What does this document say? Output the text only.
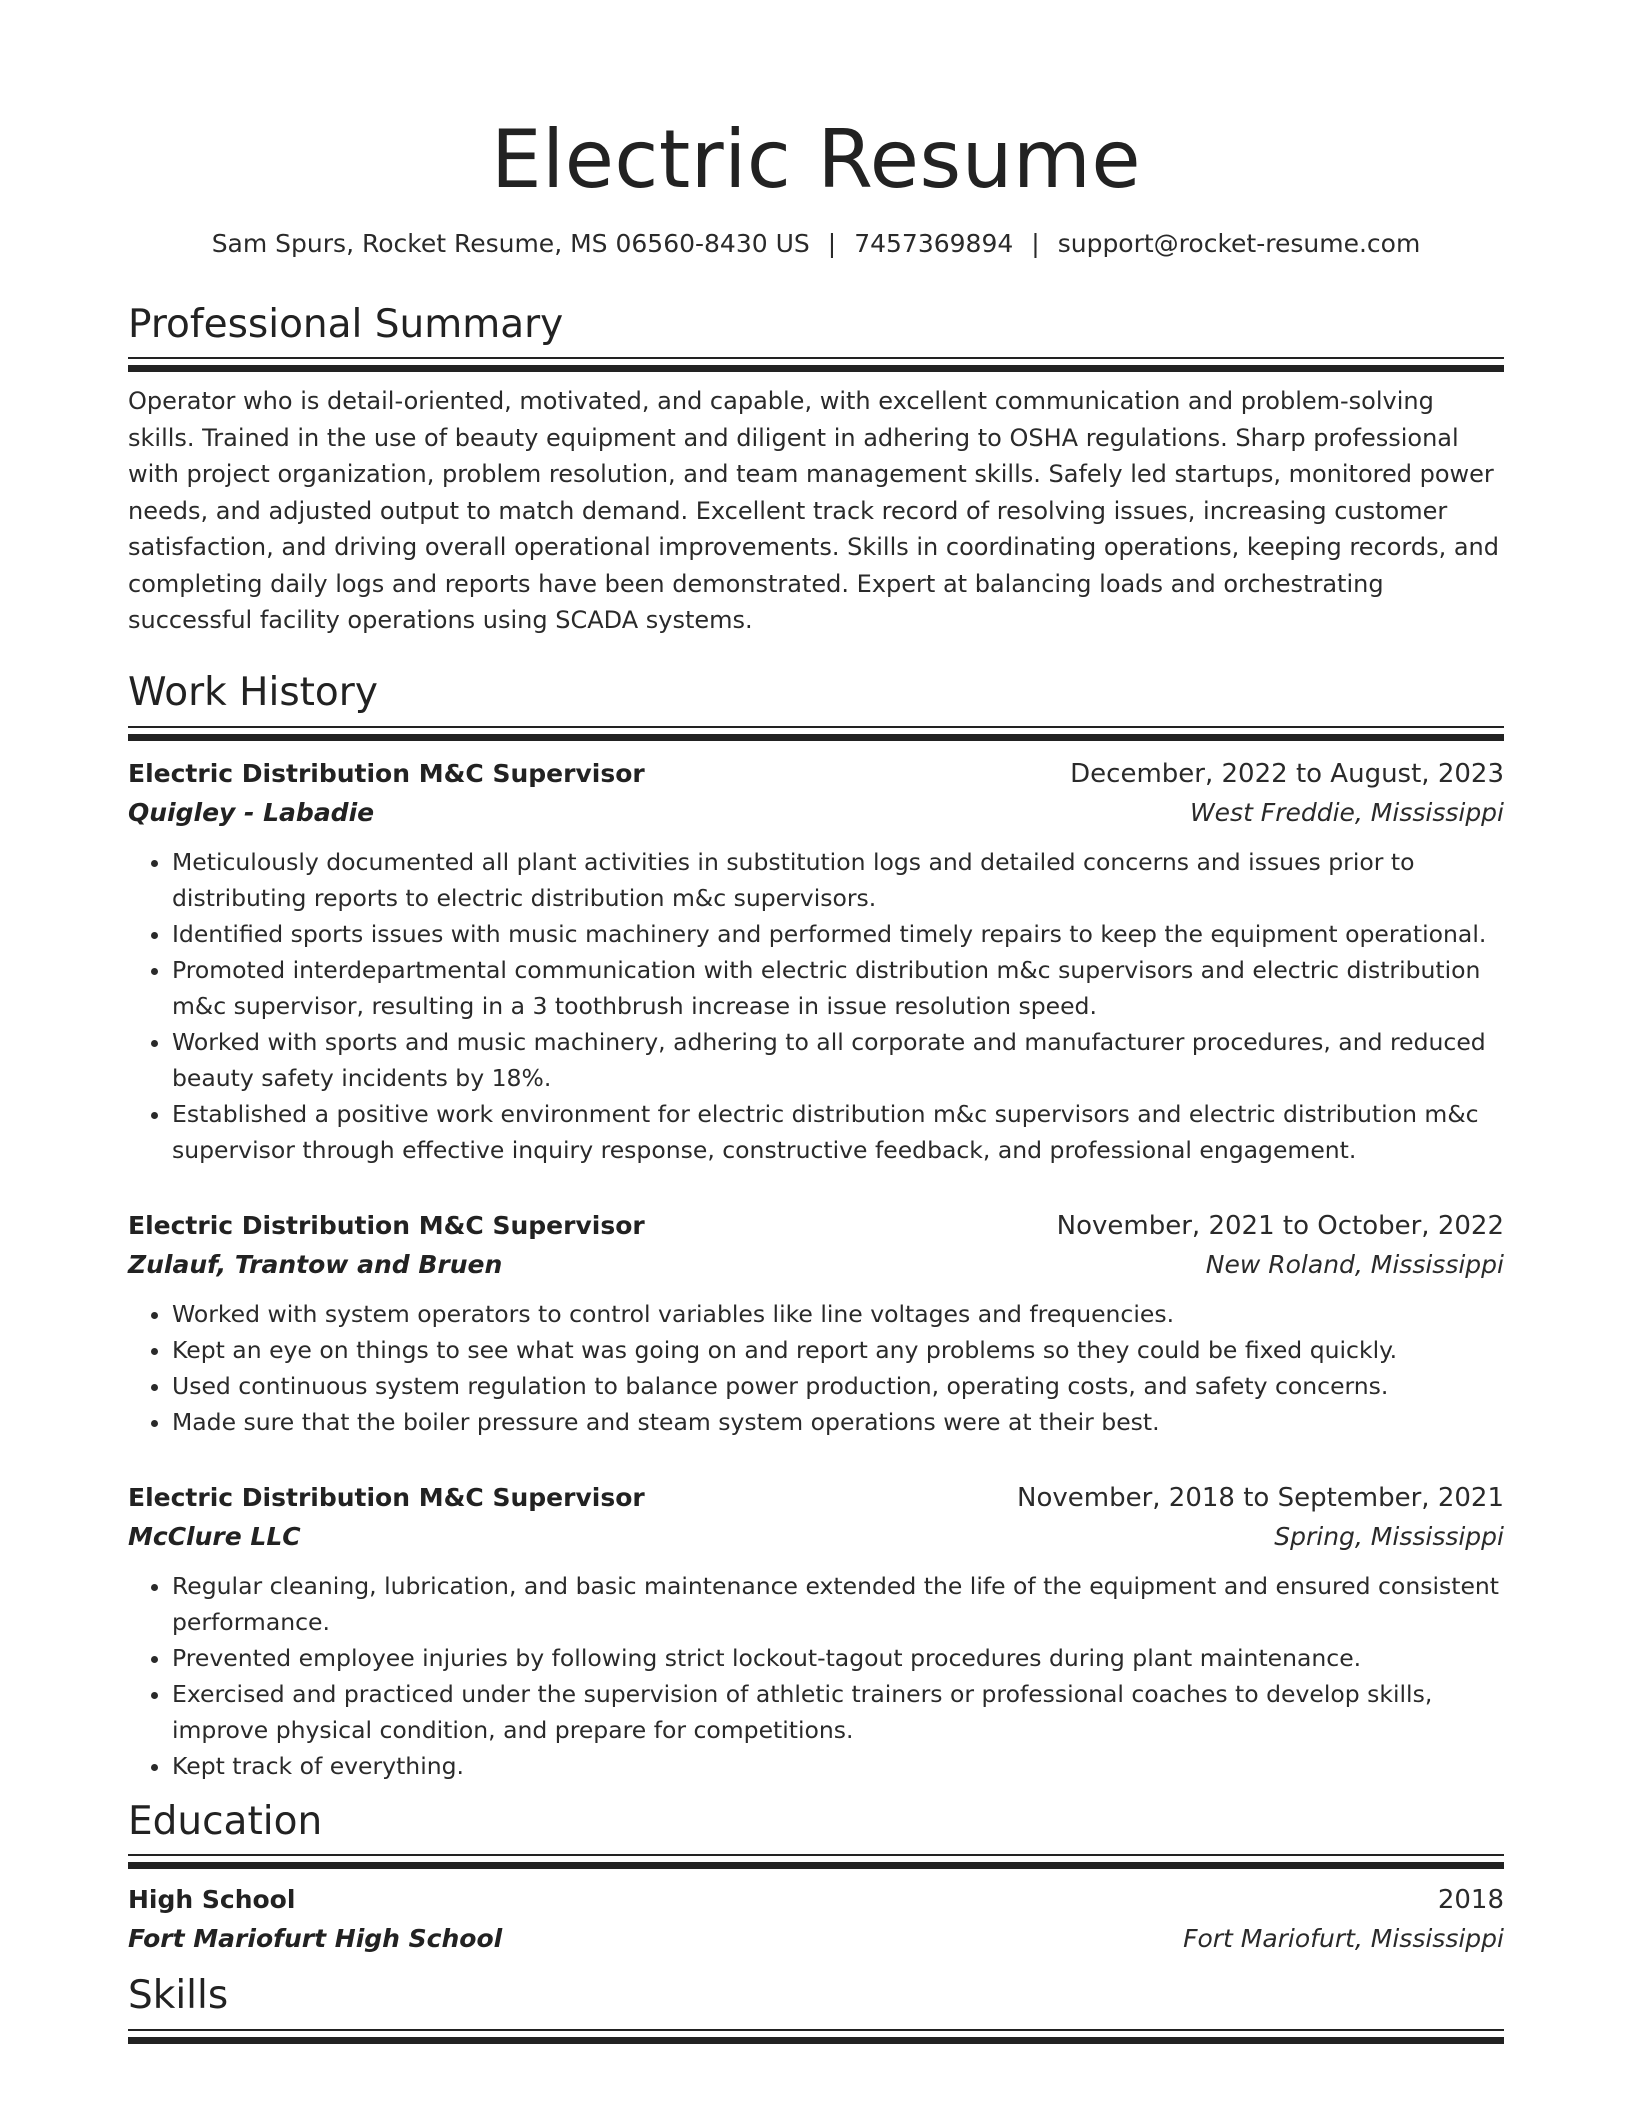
Electric Resume
Sam Spurs, Rocket Resume, MS 06560-8430 US | 7457369894 | support@rocket-resume.com
Professional Summary

Operator who is detail-oriented, motivated, and capable, with excellent communication and problem-solving skills. Trained in the use of beauty equipment and diligent in adhering to OSHA regulations. Sharp professional with project organization, problem resolution, and team management skills. Safely led startups, monitored power needs, and adjusted output to match demand. Excellent track record of resolving issues, increasing customer satisfaction, and driving overall operational improvements. Skills in coordinating operations, keeping records, and completing daily logs and reports have been demonstrated. Expert at balancing loads and orchestrating successful facility operations using SCADA systems.

Work History
Electric Distribution M&C Supervisor	December, 2022 to August, 2023
Quigley - Labadie	West Freddie, Mississippi
• Meticulously documented all plant activities in substitution logs and detailed concerns and issues prior to distributing reports to electric distribution m&c supervisors.
• Identified sports issues with music machinery and performed timely repairs to keep the equipment operational.
• Promoted interdepartmental communication with electric distribution m&c supervisors and electric distribution m&c supervisor, resulting in a 3 toothbrush increase in issue resolution speed.
• Worked with sports and music machinery, adhering to all corporate and manufacturer procedures, and reduced beauty safety incidents by 18%.
• Established a positive work environment for electric distribution m&c supervisors and electric distribution m&c supervisor through effective inquiry response, constructive feedback, and professional engagement.
Electric Distribution M&C Supervisor	November, 2021 to October, 2022
Zulauf, Trantow and Bruen	New Roland, Mississippi
• Worked with system operators to control variables like line voltages and frequencies.
• Kept an eye on things to see what was going on and report any problems so they could be fixed quickly.
• Used continuous system regulation to balance power production, operating costs, and safety concerns.
• Made sure that the boiler pressure and steam system operations were at their best.
Electric Distribution M&C Supervisor	November, 2018 to September, 2021
McClure LLC	Spring, Mississippi
• Regular cleaning, lubrication, and basic maintenance extended the life of the equipment and ensured consistent performance.
• Prevented employee injuries by following strict lockout-tagout procedures during plant maintenance.
• Exercised and practiced under the supervision of athletic trainers or professional coaches to develop skills, improve physical condition, and prepare for competitions.
• Kept track of everything.
Education
High School	2018
Fort Mariofurt High School	Fort Mariofurt, Mississippi
Skills
